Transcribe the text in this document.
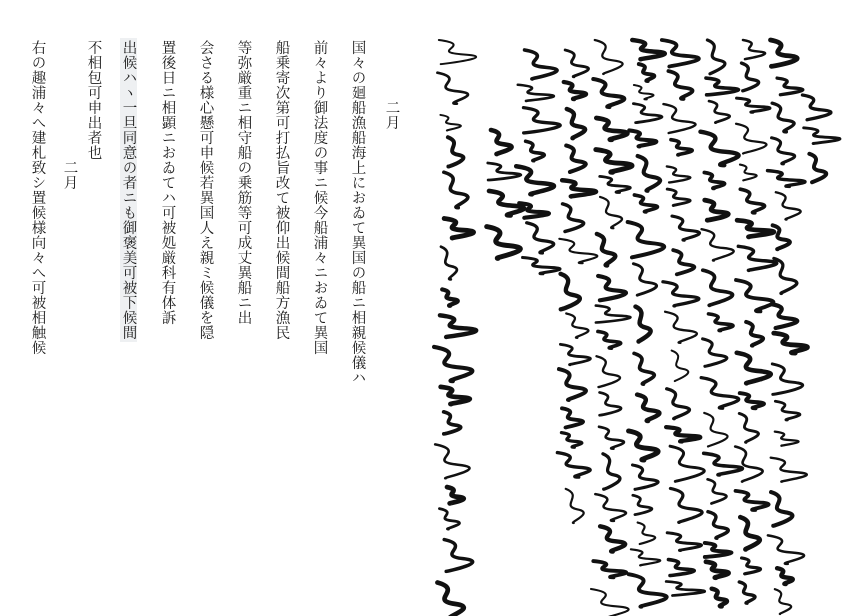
二月
国々の廻船漁船海上におゐて異国の船ニ相親候儀ハ
前々より御法度の事ニ候今船浦々ニおゐて異国
船乗寄次第可打払旨改て被仰出候間船方漁民
等弥厳重ニ相守船の乗筋等可成丈異船ニ出
会さる様心懸可申候若異国人え親ミ候儀を隠
置後日ニ相顕ニおゐてハ可被処厳科有体訴
出候ハヽ一旦同意の者ニも御褒美可被下候間
不相包可申出者也
二月
右の趣浦々へ建札致シ置候様向々へ可被相触候
